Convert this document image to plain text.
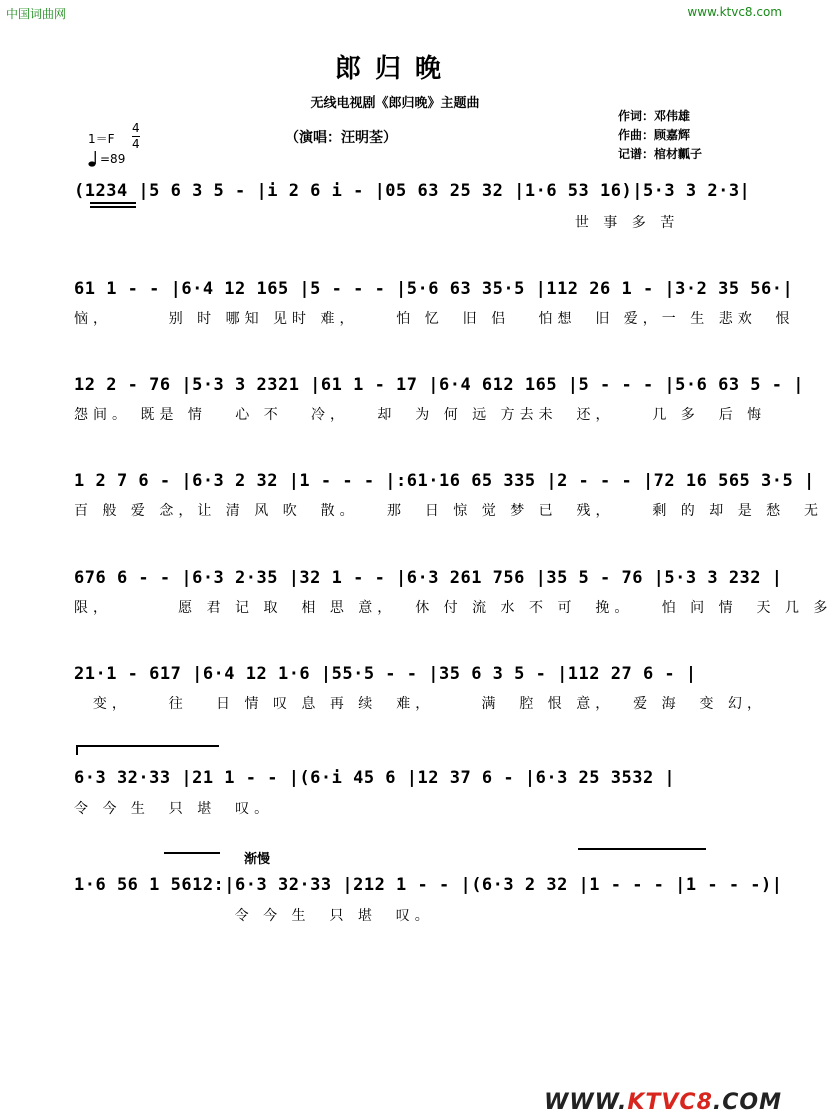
中国词曲网	www.ktvc8.com
郎归晚
无线电视剧《郎归晚》主题曲
（演唱：汪明荃）
作词：邓伟雄
作曲：顾嘉辉
记谱：棺材瓤子
1＝F
4
4
=89
(1234 |5 6 3 5 - |i 2 6 i - |05 63 25 32 |1·6 53 16)|5·3 3 2·3|
世 事 多 苦
61 1 - - |6·4 12 165 |5 - - - |5·6 63 35·5 |112 26 1 - |3·2 35 56·|
恼，      别 时 哪知 见时 难，    怕 忆  旧 侣   怕想  旧 爱，一 生 悲欢  恨
12 2 - 76 |5·3 3 2321 |61 1 - 17 |6·4 612 165 |5 - - - |5·6 63 5 - |
怨间。 既是 情   心 不   冷，   却  为 何 远 方去未  还，    几 多  后 悔
1 2 7 6 - |6·3 2 32 |1 - - - |:61·16 65 335 |2 - - - |72 16 565 3·5 |
百 般 爱 念，让 清 风 吹  散。   那  日 惊 觉 梦 已  残，    剩 的 却 是 愁  无
676 6 - - |6·3 2·35 |32 1 - - |6·3 261 756 |35 5 - 76 |5·3 3 232 |
限，       愿 君 记 取  相 思 意，  休 付 流 水 不 可  挽。   怕 问 情  天 几 多
21·1 - 617 |6·4 12 1·6 |55·5 - - |35 6 3 5 - |112 27 6 - |
变，    往   日 情 叹 息 再 续  难，     满  腔 恨 意，  爱 海  变 幻，
6·3 32·33 |21 1 - - |(6·i 45 6 |12 37 6 - |6·3 25 3532 |
令 今 生  只 堪  叹。
渐慢
1·6 56 1 5612:|6·3 32·33 |212 1 - - |(6·3 2 32 |1 - - - |1 - - -)|
令 今 生  只 堪  叹。
WWW.KTVC8.COM
